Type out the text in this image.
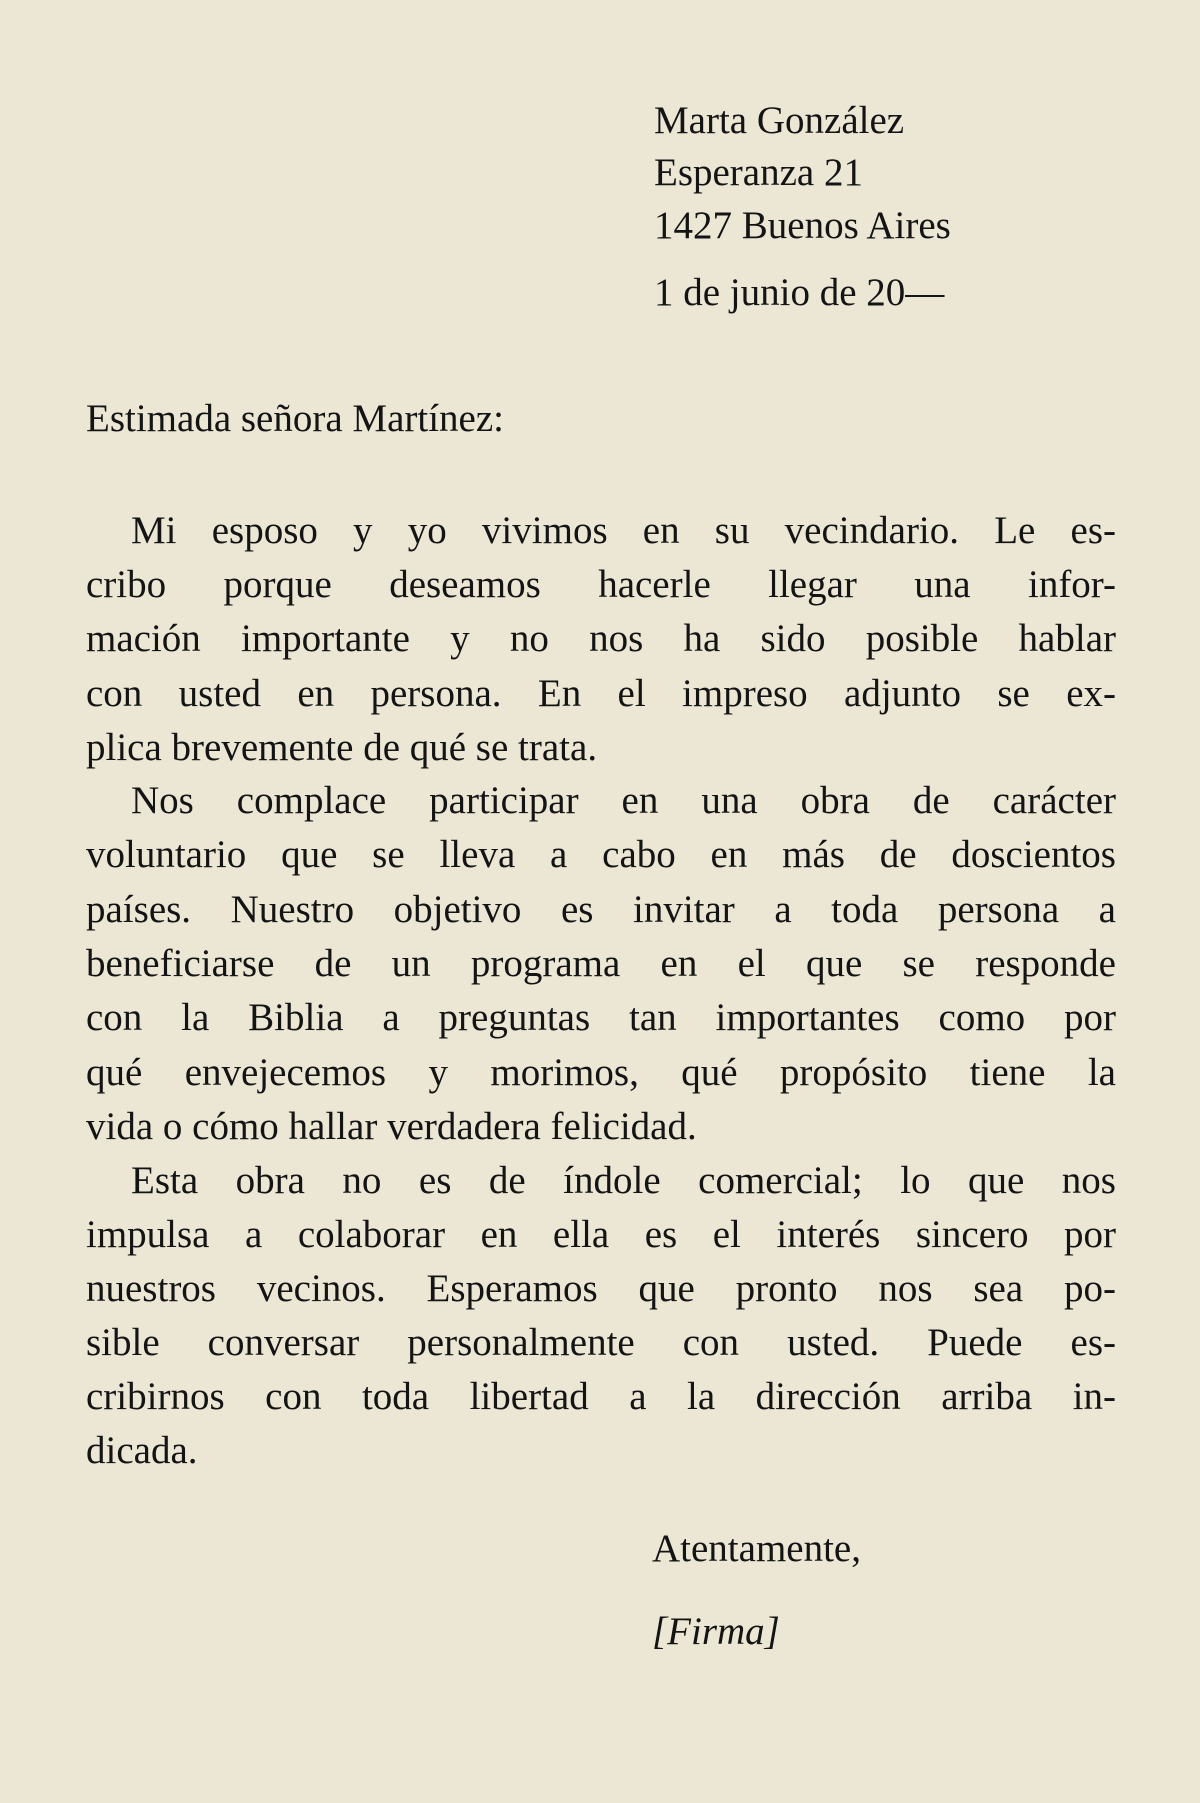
Marta González
Esperanza 21
1427 Buenos Aires
1 de junio de 20—
Estimada señora Martínez:
Mi esposo y yo vivimos en su vecindario. Le es-
cribo porque deseamos hacerle llegar una infor-
mación importante y no nos ha sido posible hablar
con usted en persona. En el impreso adjunto se ex-
plica brevemente de qué se trata.
Nos complace participar en una obra de carácter
voluntario que se lleva a cabo en más de doscientos
países. Nuestro objetivo es invitar a toda persona a
beneficiarse de un programa en el que se responde
con la Biblia a preguntas tan importantes como por
qué envejecemos y morimos, qué propósito tiene la
vida o cómo hallar verdadera felicidad.
Esta obra no es de índole comercial; lo que nos
impulsa a colaborar en ella es el interés sincero por
nuestros vecinos. Esperamos que pronto nos sea po-
sible conversar personalmente con usted. Puede es-
cribirnos con toda libertad a la dirección arriba in-
dicada.
Atentamente,
[Firma]
